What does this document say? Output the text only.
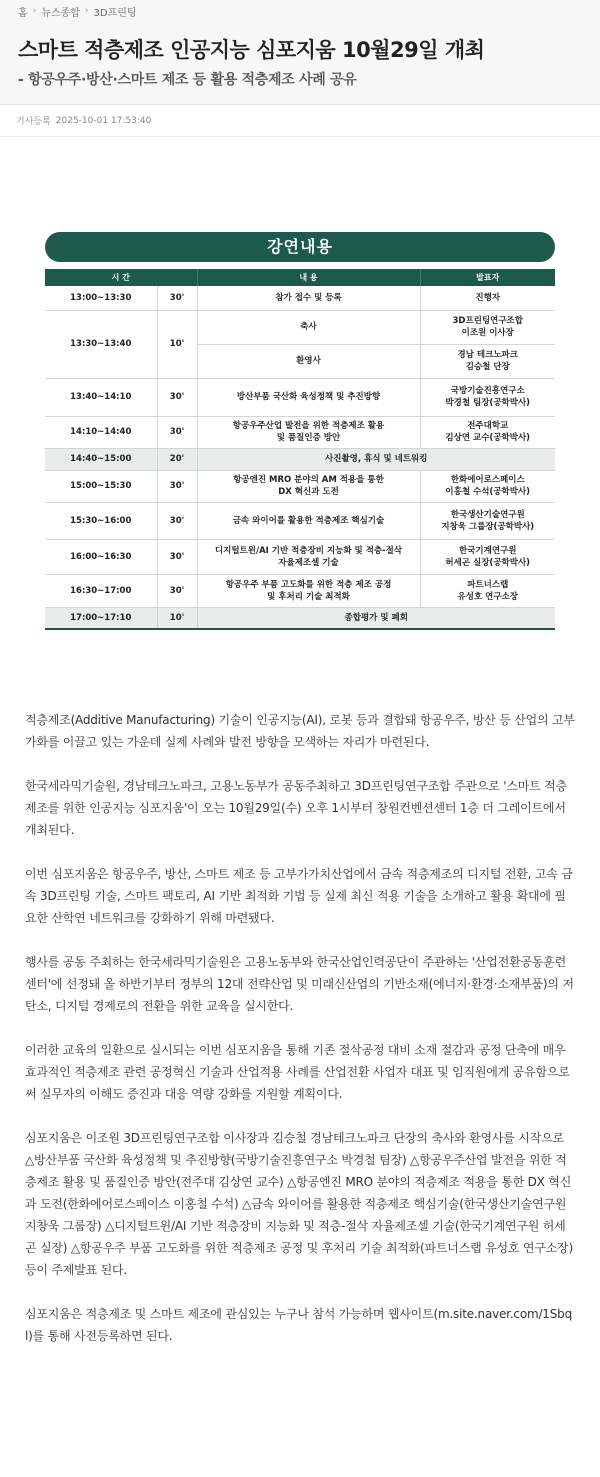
홈 › 뉴스종합 › 3D프린팅
스마트 적층제조 인공지능 심포지움 10월29일 개최
- 항공우주·방산·스마트 제조 등 활용 적층제조 사례 공유
기사등록 2025-10-01 17:53:40
강연내용
시 간		내 용	발표자
13:00~13:30	30'	참가 접수 및 등록	진행자
13:30~13:40	10'	축사	3D프린팅연구조합
이조원 이사장
		환영사	경남 테크노파크
김승철 단장
13:40~14:10	30'	방산부품 국산화 육성정책 및 추진방향	국방기술진흥연구소
박경철 팀장(공학박사)
14:10~14:40	30'	항공우주산업 발전을 위한 적층제조 활용
및 품질인증 방안	전주대학교
김상연 교수(공학박사)
14:40~15:00	20'	사진촬영, 휴식 및 네트워킹	
15:00~15:30	30'	항공엔진 MRO 분야의 AM 적용을 통한
DX 혁신과 도전	한화에어로스페이스
이홍철 수석(공학박사)
15:30~16:00	30'	금속 와이어를 활용한 적층제조 핵심기술	한국생산기술연구원
지창욱 그룹장(공학박사)
16:00~16:30	30'	디지털트윈/AI 기반 적층장비 지능화 및 적층-절삭
자율제조셀 기술	한국기계연구원
허세곤 실장(공학박사)
16:30~17:00	30'	항공우주 부품 고도화를 위한 적층 제조 공정
및 후처리 기술 최적화	파트너스랩
유성호 연구소장
17:00~17:10	10'	종합평가 및 폐회	

적층제조(Additive Manufacturing) 기술이 인공지능(AI), 로봇 등과 결합돼 항공우주, 방산 등 산업의 고부가화를 이끌고 있는 가운데 실제 사례와 발전 방향을 모색하는 자리가 마련된다.

한국세라믹기술원, 경남테크노파크, 고용노동부가 공동주최하고 3D프린팅연구조합 주관으로 '스마트 적층제조를 위한 인공지능 심포지움'이 오는 10월29일(수) 오후 1시부터 창원컨벤션센터 1층 더 그레이트에서 개최된다.

이번 심포지움은 항공우주, 방산, 스마트 제조 등 고부가가치산업에서 금속 적층제조의 디지털 전환, 고속 금속 3D프린팅 기술, 스마트 팩토리, AI 기반 최적화 기법 등 실제 최신 적용 기술을 소개하고 활용 확대에 필요한 산학연 네트워크를 강화하기 위해 마련됐다.

행사를 공동 주최하는 한국세라믹기술원은 고용노동부와 한국산업인력공단이 주관하는 '산업전환공동훈련센터'에 선정돼 올 하반기부터 정부의 12대 전략산업 및 미래신산업의 기반소재(에너지·환경·소재부품)의 저탄소, 디지털 경제로의 전환을 위한 교육을 실시한다.

이러한 교육의 일환으로 실시되는 이번 심포지움을 통해 기존 절삭공정 대비 소재 절감과 공정 단축에 매우 효과적인 적층제조 관련 공정혁신 기술과 산업적용 사례를 산업전환 사업자 대표 및 임직원에게 공유함으로써 실무자의 이해도 증진과 대응 역량 강화를 지원할 계획이다.

심포지움은 이조원 3D프린팅연구조합 이사장과 김승철 경남테크노파크 단장의 축사와 환영사를 시작으로 △방산부품 국산화 육성정책 및 추진방향(국방기술진흥연구소 박경철 팀장) △항공우주산업 발전을 위한 적층제조 활용 및 품질인증 방안(전주대 김상연 교수) △항공엔진 MRO 분야의 적층제조 적용을 통한 DX 혁신과 도전(한화에어로스페이스 이홍철 수석) △금속 와이어를 활용한 적층제조 핵심기술(한국생산기술연구원 지창욱 그룹장) △디지털트윈/AI 기반 적층장비 지능화 및 적층-절삭 자율제조셀 기술(한국기계연구원 허세곤 실장) △항공우주 부품 고도화를 위한 적층제조 공정 및 후처리 기술 최적화(파트너스랩 유성호 연구소장) 등이 주제발표 된다.

심포지움은 적층제조 및 스마트 제조에 관심있는 누구나 참석 가능하며 웹사이트(m.site.naver.com/1Sbql)를 통해 사전등록하면 된다.
